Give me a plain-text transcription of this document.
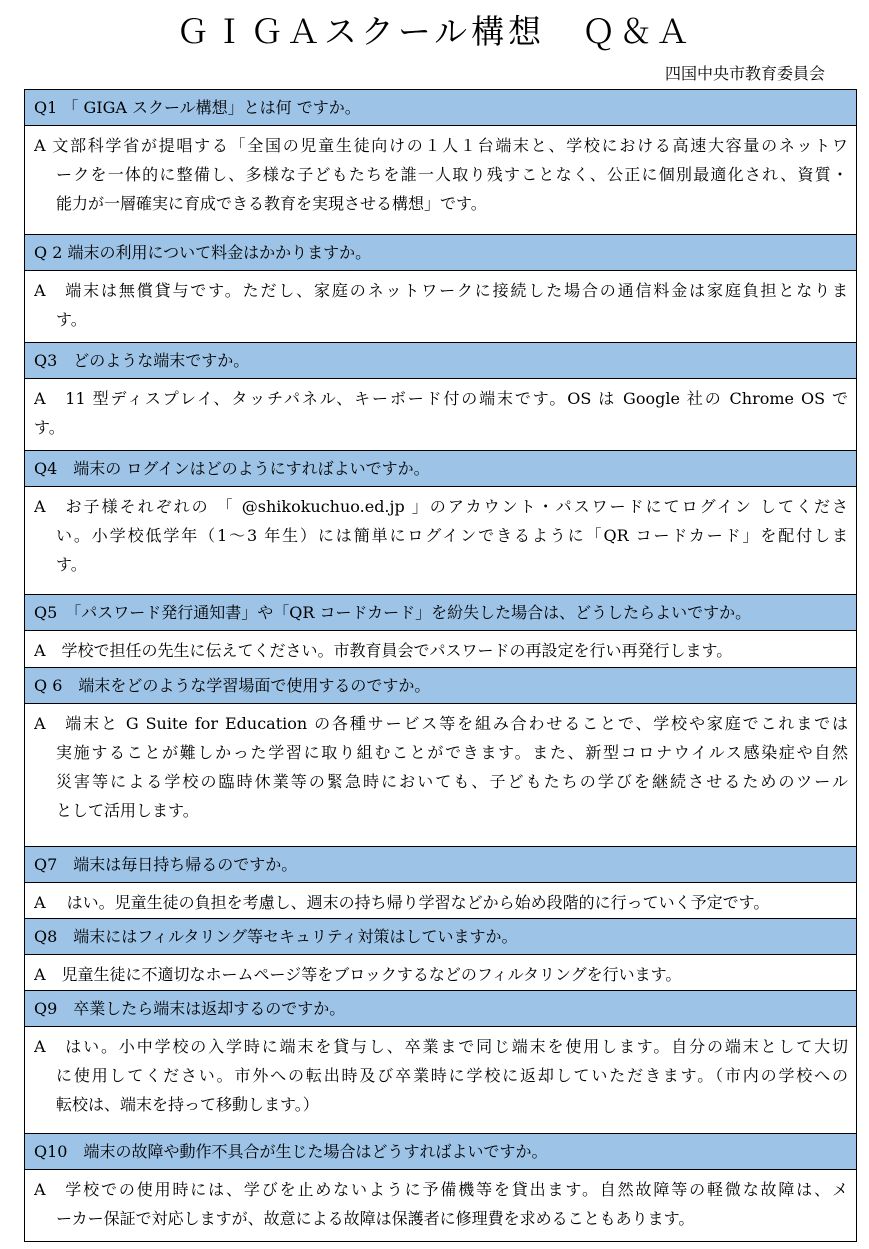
ＧＩＧＡスクール構想　Ｑ＆Ａ
四国中央市教育委員会
Q1 「 GIGA スクール構想」とは何 ですか。
A 文部科学省が提唱する「全国の児童生徒向けの１人１台端末と、学校における高速大容量のネットワ
ークを一体的に整備し、多様な子どもたちを誰一人取り残すことなく、公正に個別最適化され、資質・
能力が一層確実に育成できる教育を実現させる構想」です。
Q 2 端末の利用について料金はかかりますか。
A　端末は無償貸与です。ただし、家庭のネットワークに接続した場合の通信料金は家庭負担となりま
す。
Q3　どのような端末ですか。
A　11 型ディスプレイ、タッチパネル、キーボード付の端末です。OS は Google 社の Chrome OS で
す。
Q4　端末の ログインはどのようにすればよいですか。
A　お子様それぞれの 「 @shikokuchuo.ed.jp 」のアカウント・パスワードにてログイン してくださ
い。小学校低学年（1～3 年生）には簡単にログインできるように「QR コードカード」を配付しま
す。
Q5　「パスワード発行通知書」や「QR コードカード」を紛失した場合は、どうしたらよいですか。
A　学校で担任の先生に伝えてください。市教育員会でパスワードの再設定を行い再発行します。
Q 6　端末をどのような学習場面で使用するのですか。
A　端末と G Suite for Education の各種サービス等を組み合わせることで、学校や家庭でこれまでは
実施することが難しかった学習に取り組むことができます。また、新型コロナウイルス感染症や自然
災害等による学校の臨時休業等の緊急時においても、子どもたちの学びを継続させるためのツール
として活用します。
Q7　端末は毎日持ち帰るのですか。
A　 はい。児童生徒の負担を考慮し、週末の持ち帰り学習などから始め段階的に行っていく予定です。
Q8　端末にはフィルタリング等セキュリティ対策はしていますか。
A　児童生徒に不適切なホームページ等をブロックするなどのフィルタリングを行います。
Q9　卒業したら端末は返却するのですか。
A　はい。小中学校の入学時に端末を貸与し、卒業まで同じ端末を使用します。自分の端末として大切
に使用してください。市外への転出時及び卒業時に学校に返却していただきます。（市内の学校への
転校は、端末を持って移動します。）
Q10　端末の故障や動作不具合が生じた場合はどうすればよいですか。
A　学校での使用時には、学びを止めないように予備機等を貸出ます。自然故障等の軽微な故障は、メ
ーカー保証で対応しますが、故意による故障は保護者に修理費を求めることもあります。
